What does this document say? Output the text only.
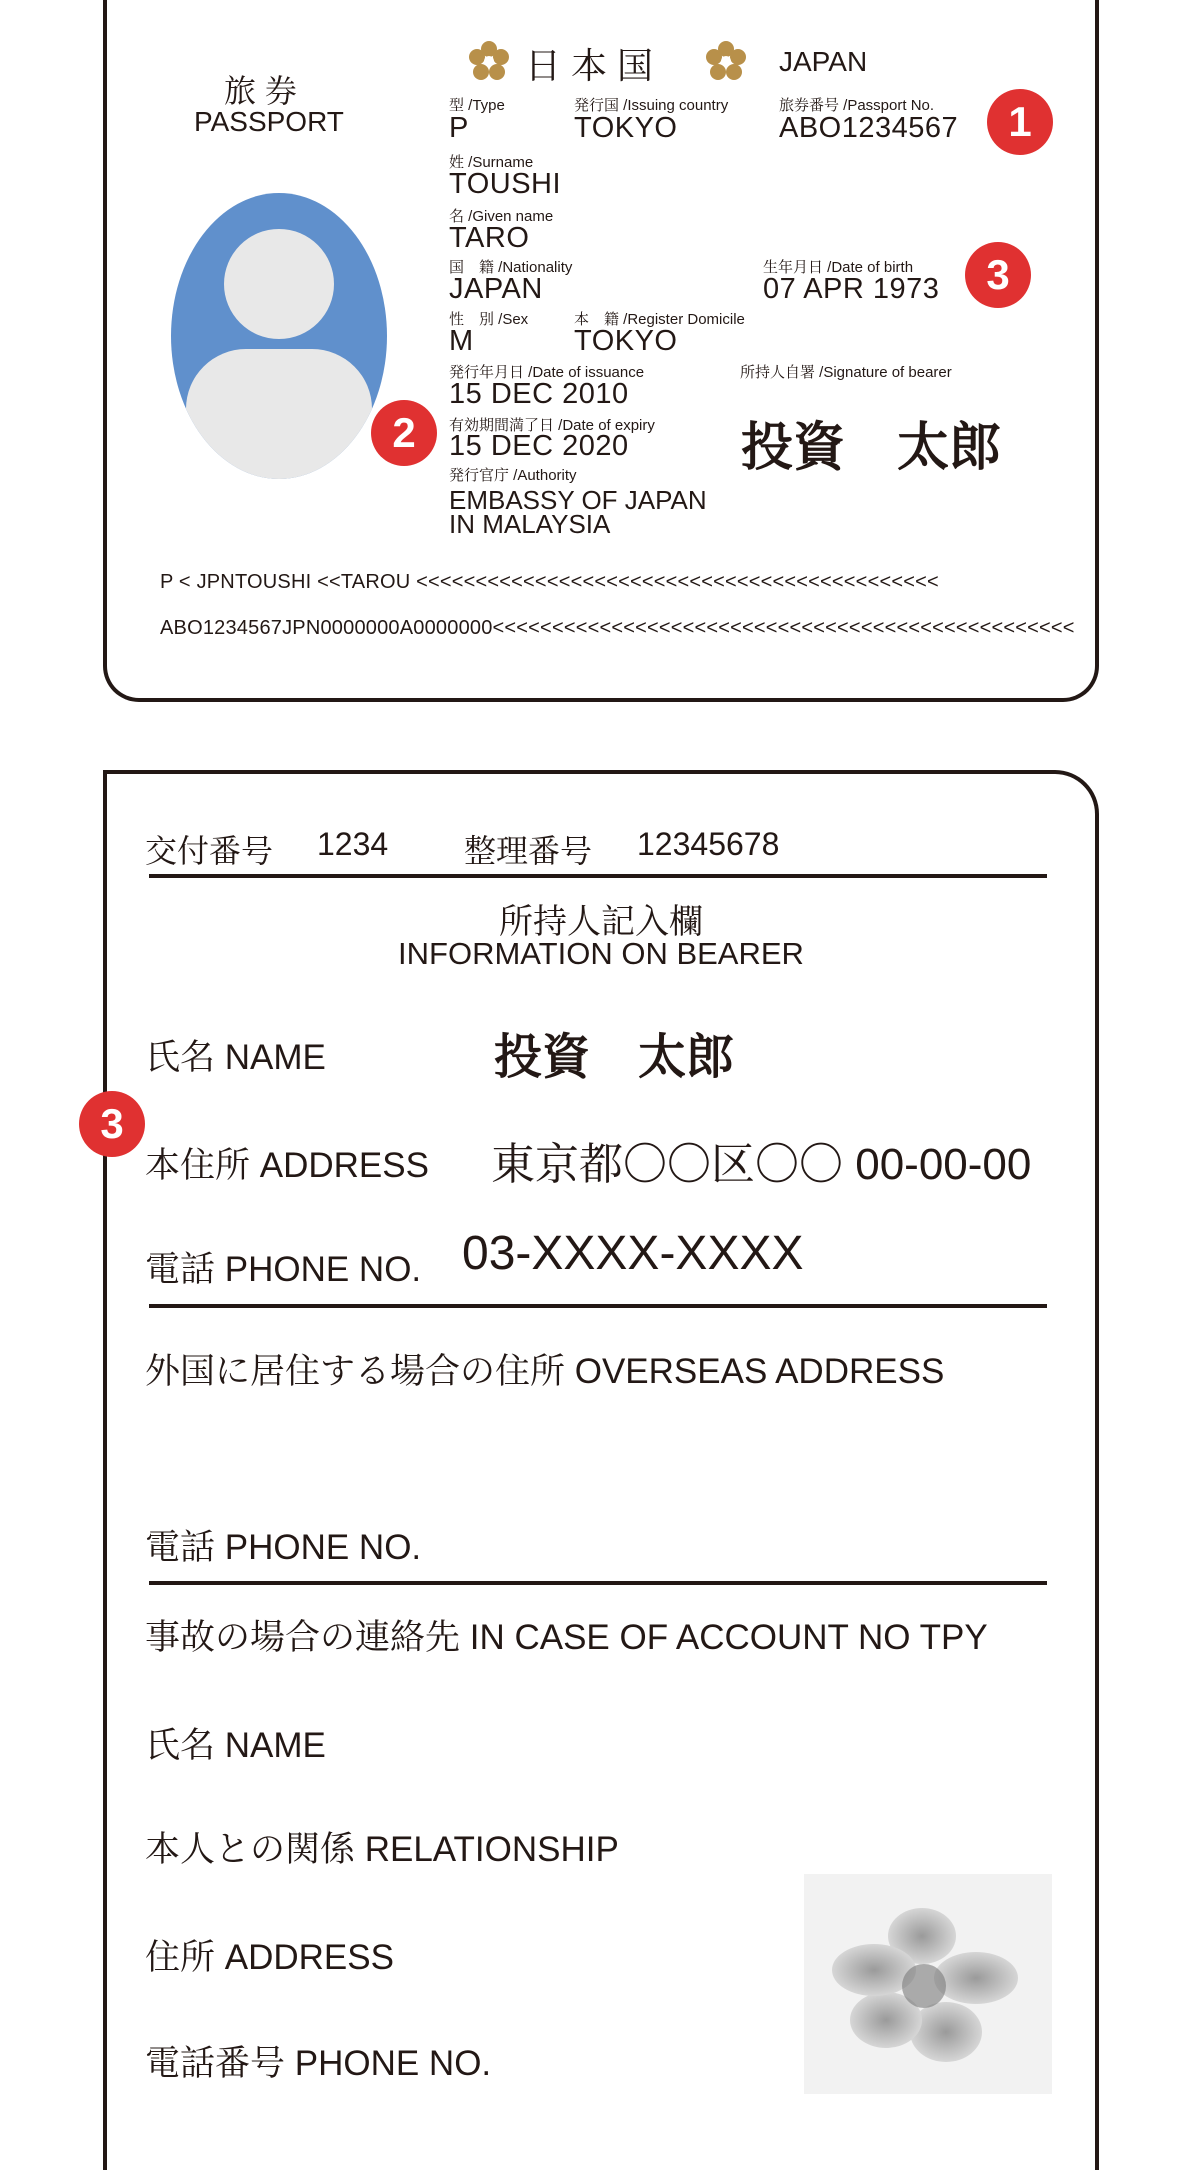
旅 券
PASSPORT
日 本 国	JAPAN
型 /Type
P
発行国 /Issuing country
TOKYO
旅券番号 /Passport No.
ABO1234567	1
姓 /Surname
TOUSHI
名 /Given name
TARO
国　籍 /Nationality
JAPAN
生年月日 /Date of birth
07 APR 1973	3
性　別 /Sex
M
本　籍 /Register Domicile
TOKYO
発行年月日 /Date of issuance
15 DEC 2010
所持人自署 /Signature of bearer
投資　太郎
2	有効期間満了日 /Date of expiry
15 DEC 2020
発行官庁 /Authority
EMBASSY OF JAPAN
IN MALAYSIA
P < JPNTOUSHI <<TAROU <<<<<<<<<<<<<<<<<<<<<<<<<<<<<<<<<<<<<<<<<<<<
ABO1234567JPN0000000A0000000<<<<<<<<<<<<<<<<<<<<<<<<<<<<<<<<<<<<<<<<<<<<<<<<<
交付番号 1234 整理番号 12345678
所持人記入欄
INFORMATION ON BEARER
氏名 NAME	投資　太郎
3
本住所 ADDRESS 東京都〇〇区〇〇 00-00-00
電話 PHONE NO. 03-XXXX-XXXX
外国に居住する場合の住所 OVERSEAS ADDRESS
電話 PHONE NO.
事故の場合の連絡先 IN CASE OF ACCOUNT NO TPY
氏名 NAME
本人との関係 RELATIONSHIP
住所 ADDRESS
電話番号 PHONE NO.
